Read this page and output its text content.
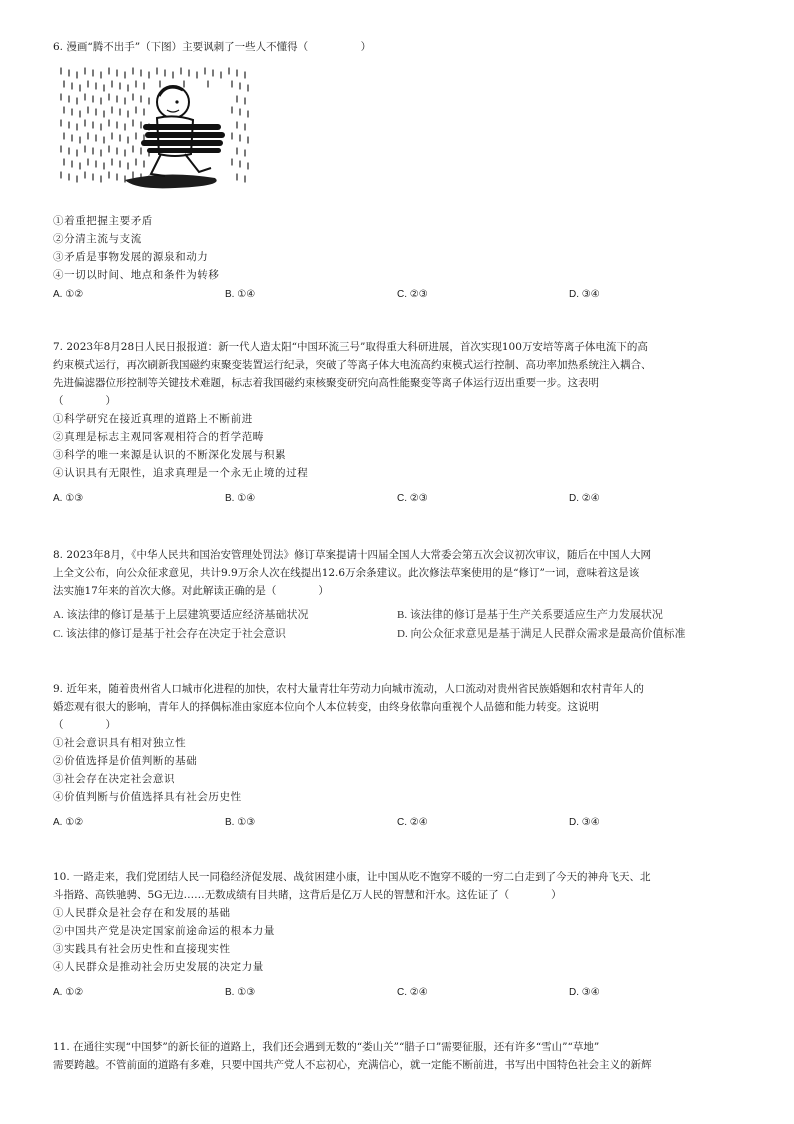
6. 漫画“腾不出手”（下图）主要讽刺了一些人不懂得（　　　　　）
①着重把握主要矛盾
②分清主流与支流
③矛盾是事物发展的源泉和动力
④一切以时间、地点和条件为转移
A. ①②	B. ①④	C. ②③	D. ③④
7. 2023年8月28日人民日报报道：新一代人造太阳“中国环流三号”取得重大科研进展，首次实现100万安培等离子体电流下的高
约束模式运行，再次刷新我国磁约束聚变装置运行纪录，突破了等离子体大电流高约束模式运行控制、高功率加热系统注入耦合、
先进偏滤器位形控制等关键技术难题，标志着我国磁约束核聚变研究向高性能聚变等离子体运行迈出重要一步。这表明
（　　　　）
①科学研究在接近真理的道路上不断前进
②真理是标志主观同客观相符合的哲学范畴
③科学的唯一来源是认识的不断深化发展与积累
④认识具有无限性，追求真理是一个永无止境的过程
A. ①③	B. ①④	C. ②③	D. ②④
8. 2023年8月，《中华人民共和国治安管理处罚法》修订草案提请十四届全国人大常委会第五次会议初次审议，随后在中国人大网
上全文公布，向公众征求意见，共计9.9万余人次在线提出12.6万余条建议。此次修法草案使用的是“修订”一词，意味着这是该
法实施17年来的首次大修。对此解读正确的是（　　　　）
A. 该法律的修订是基于上层建筑要适应经济基础状况	B. 该法律的修订是基于生产关系要适应生产力发展状况
C. 该法律的修订是基于社会存在决定于社会意识	D. 向公众征求意见是基于满足人民群众需求是最高价值标准
9. 近年来，随着贵州省人口城市化进程的加快，农村大量青壮年劳动力向城市流动，人口流动对贵州省民族婚姻和农村青年人的
婚恋观有很大的影响，青年人的择偶标准由家庭本位向个人本位转变，由终身依靠向重视个人品德和能力转变。这说明
（　　　　）
①社会意识具有相对独立性
②价值选择是价值判断的基础
③社会存在决定社会意识
④价值判断与价值选择具有社会历史性
A. ①②	B. ①③	C. ②④	D. ③④
10. 一路走来，我们党团结人民一同稳经济促发展、战贫困建小康，让中国从吃不饱穿不暖的一穷二白走到了今天的神舟飞天、北
斗指路、高铁驰骋、5G无边……无数成绩有目共睹，这背后是亿万人民的智慧和汗水。这佐证了（　　　　）
①人民群众是社会存在和发展的基础
②中国共产党是决定国家前途命运的根本力量
③实践具有社会历史性和直接现实性
④人民群众是推动社会历史发展的决定力量
A. ①②	B. ①③	C. ②④	D. ③④
11. 在通往实现“中国梦”的新长征的道路上，我们还会遇到无数的“娄山关”“腊子口”需要征服，还有许多“雪山”“草地”
需要跨越。不管前面的道路有多难，只要中国共产党人不忘初心，充满信心，就一定能不断前进，书写出中国特色社会主义的新辉
